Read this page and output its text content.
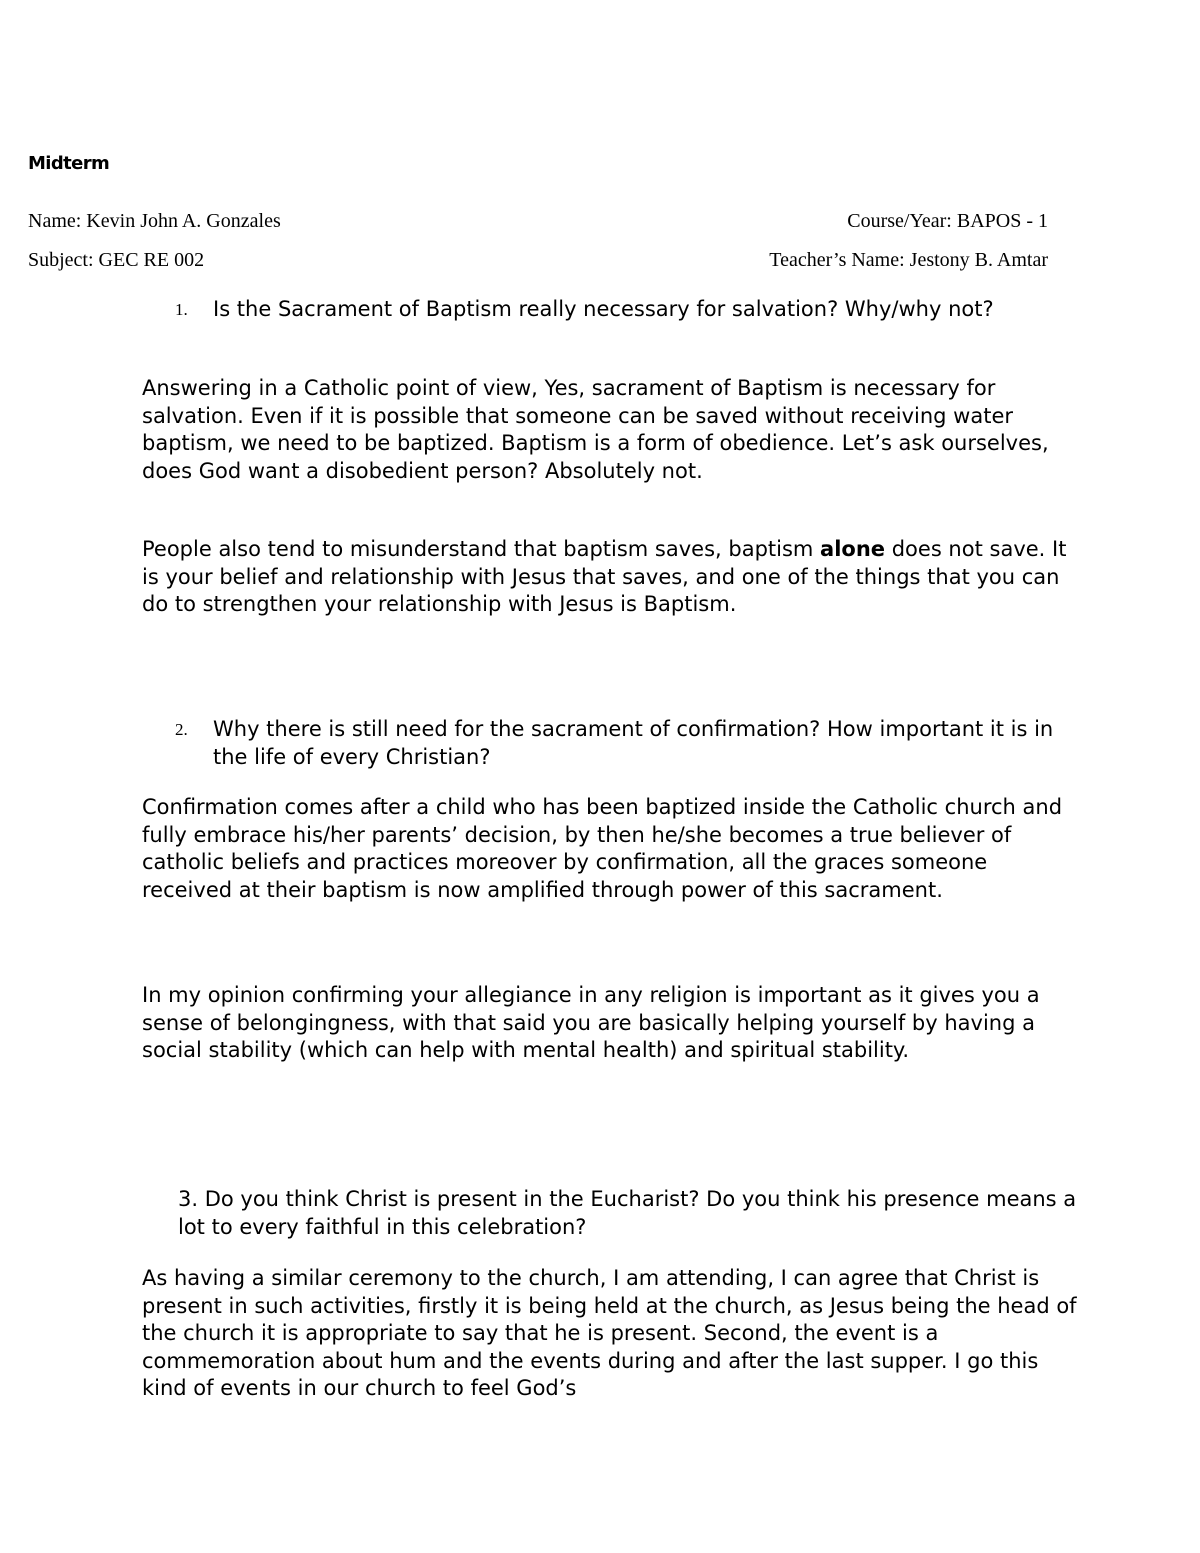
Midterm
Name: Kevin John A. Gonzales	Course/Year: BAPOS - 1
Subject: GEC RE 002	Teacher’s Name: Jestony B. Amtar
1. Is the Sacrament of Baptism really necessary for salvation? Why/why not?

Answering in a Catholic point of view, Yes, sacrament of Baptism is necessary for salvation. Even if it is possible that someone can be saved without receiving water baptism, we need to be baptized. Baptism is a form of obedience. Let’s ask ourselves, does God want a disobedient person? Absolutely not.

People also tend to misunderstand that baptism saves, baptism alone does not save. It is your belief and relationship with Jesus that saves, and one of the things that you can do to strengthen your relationship with Jesus is Baptism.

2. Why there is still need for the sacrament of confirmation? How important it is in the life of every Christian?

Confirmation comes after a child who has been baptized inside the Catholic church and fully embrace his/her parents’ decision, by then he/she becomes a true believer of catholic beliefs and practices moreover by confirmation, all the graces someone received at their baptism is now amplified through power of this sacrament.

In my opinion confirming your allegiance in any religion is important as it gives you a sense of belongingness, with that said you are basically helping yourself by having a social stability (which can help with mental health) and spiritual stability.

3. Do you think Christ is present in the Eucharist? Do you think his presence means a lot to every faithful in this celebration?

As having a similar ceremony to the church, I am attending, I can agree that Christ is present in such activities, firstly it is being held at the church, as Jesus being the head of the church it is appropriate to say that he is present. Second, the event is a commemoration about hum and the events during and after the last supper. I go this kind of events in our church to feel God’s
